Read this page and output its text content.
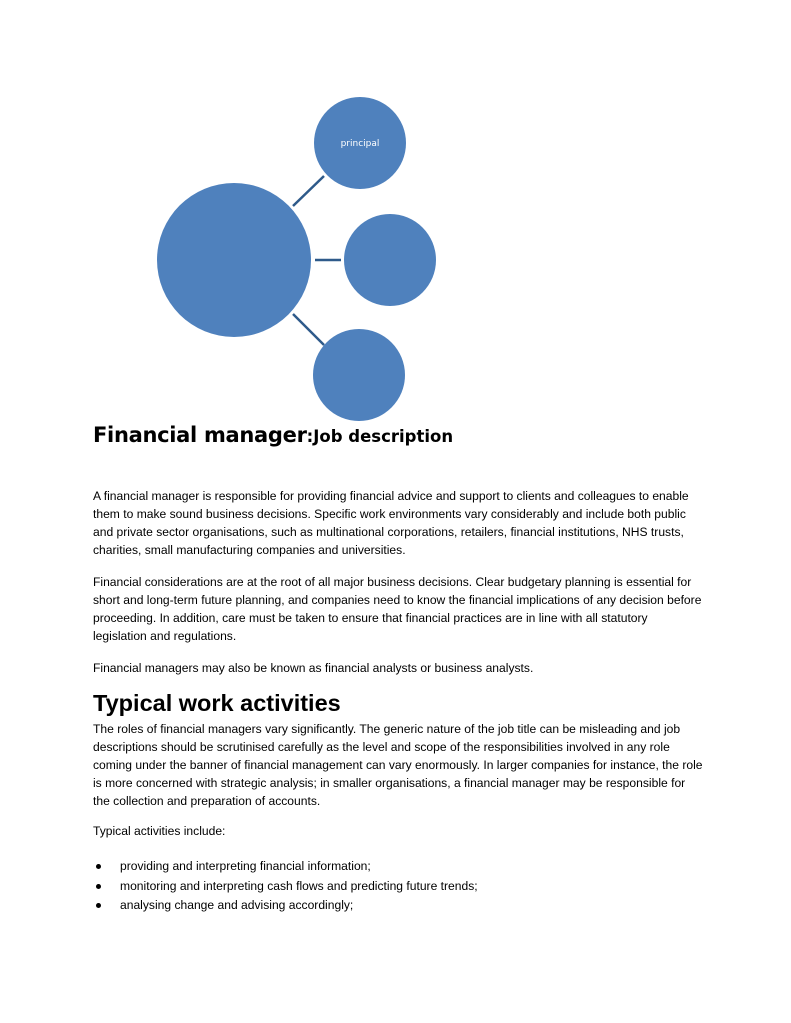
principal
Financial manager:Job description

A financial manager is responsible for providing financial advice and support to clients and colleagues to enable them to make sound business decisions. Specific work environments vary considerably and include both public and private sector organisations, such as multinational corporations, retailers, financial institutions, NHS trusts, charities, small manufacturing companies and universities.

Financial considerations are at the root of all major business decisions. Clear budgetary planning is essential for short and long-term future planning, and companies need to know the financial implications of any decision before proceeding. In addition, care must be taken to ensure that financial practices are in line with all statutory legislation and regulations.

Financial managers may also be known as financial analysts or business analysts.

Typical work activities

The roles of financial managers vary significantly. The generic nature of the job title can be misleading and job descriptions should be scrutinised carefully as the level and scope of the responsibilities involved in any role coming under the banner of financial management can vary enormously. In larger companies for instance, the role is more concerned with strategic analysis; in smaller organisations, a financial manager may be responsible for the collection and preparation of accounts.

Typical activities include:

providing and interpreting financial information;
monitoring and interpreting cash flows and predicting future trends;
analysing change and advising accordingly;
